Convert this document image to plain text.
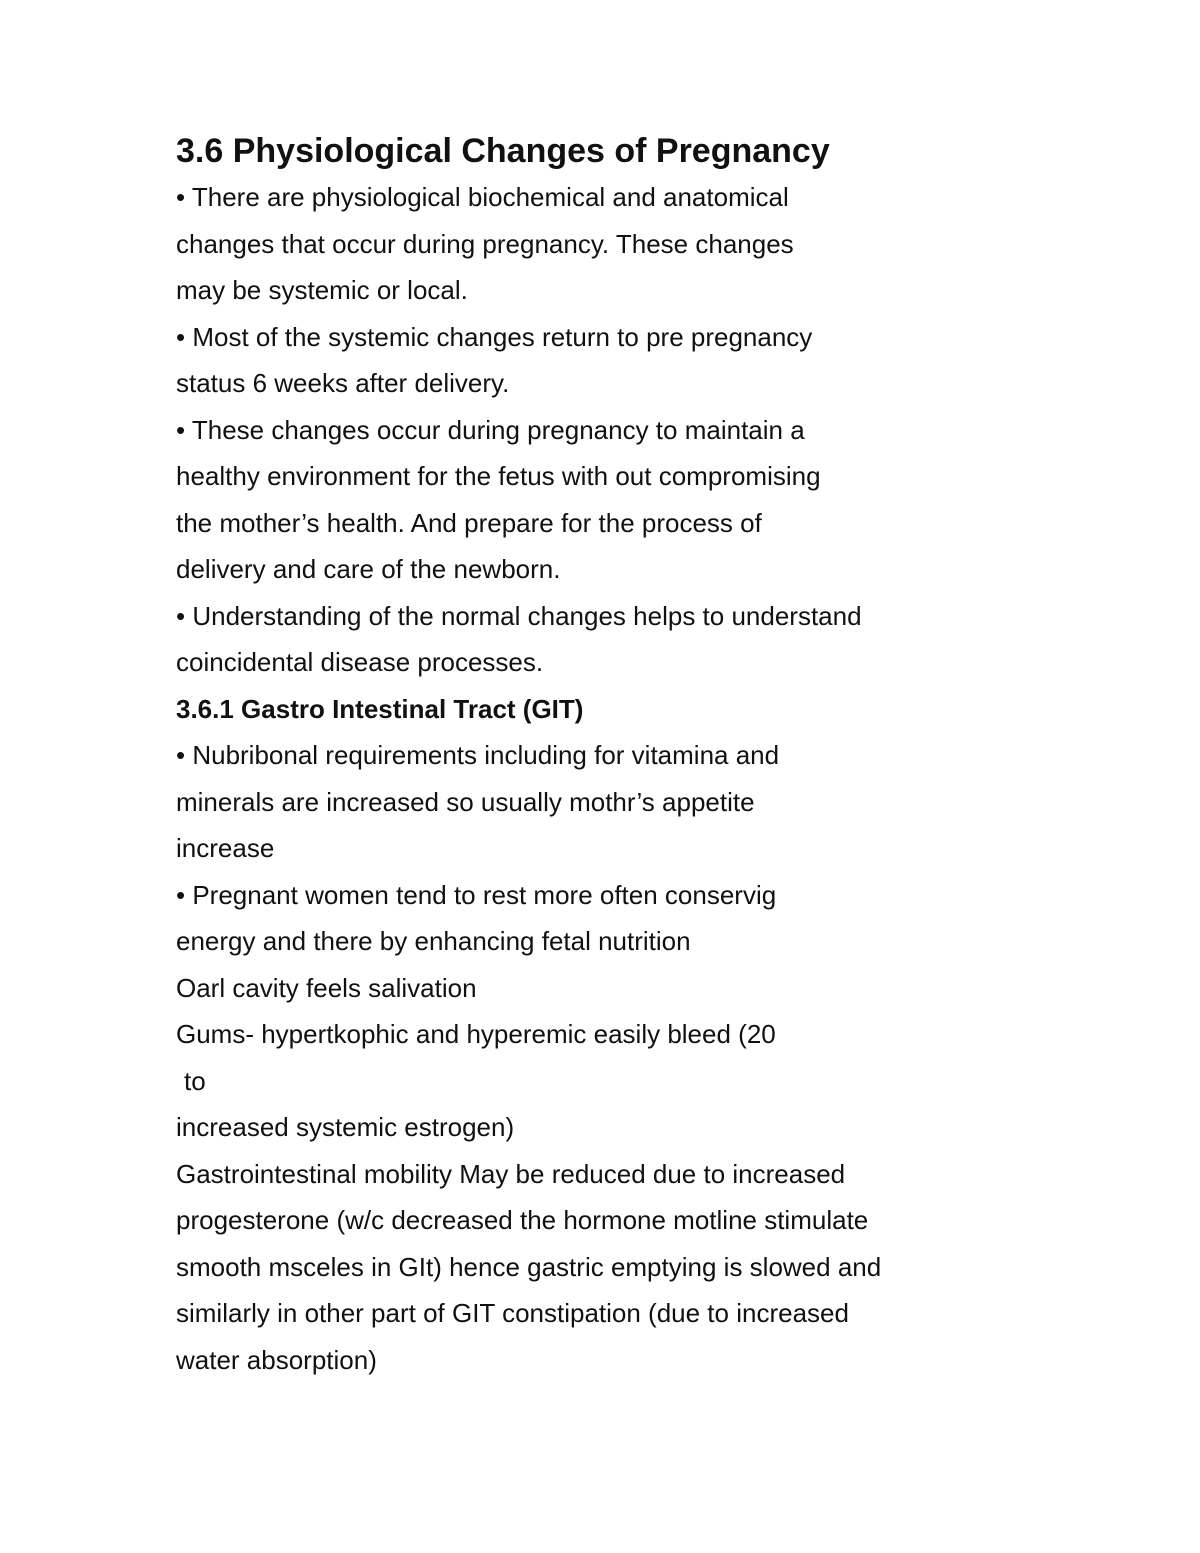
3.6 Physiological Changes of Pregnancy
• There are physiological biochemical and anatomical
changes that occur during pregnancy. These changes
may be systemic or local.
• Most of the systemic changes return to pre pregnancy
status 6 weeks after delivery.
• These changes occur during pregnancy to maintain a
healthy environment for the fetus with out compromising
the mother’s health. And prepare for the process of
delivery and care of the newborn.
• Understanding of the normal changes helps to understand
coincidental disease processes.
3.6.1 Gastro Intestinal Tract (GIT)
• Nubribonal requirements including for vitamina and
minerals are increased so usually mothr’s appetite
increase
• Pregnant women tend to rest more often conservig
energy and there by enhancing fetal nutrition
Oarl cavity feels salivation
Gums- hypertkophic and hyperemic easily bleed (20
to
increased systemic estrogen)
Gastrointestinal mobility May be reduced due to increased
progesterone (w/c decreased the hormone motline stimulate
smooth msceles in GIt) hence gastric emptying is slowed and
similarly in other part of GIT constipation (due to increased
water absorption)
